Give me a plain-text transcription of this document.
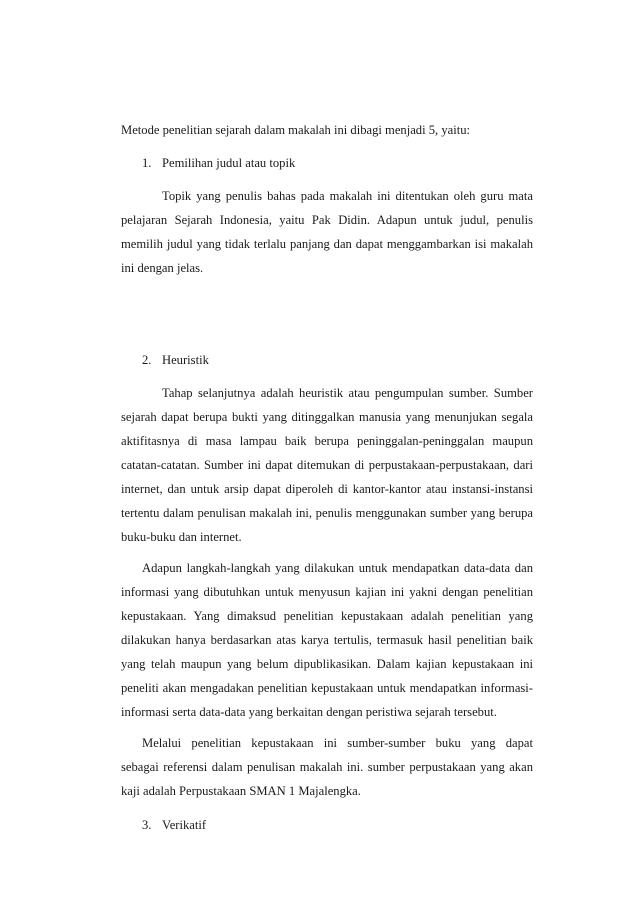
Metode penelitian sejarah dalam makalah ini dibagi menjadi 5, yaitu:

1. Pemilihan judul atau topik

Topik yang penulis bahas pada makalah ini ditentukan oleh guru mata

pelajaran Sejarah Indonesia, yaitu Pak Didin. Adapun untuk judul, penulis

memilih judul yang tidak terlalu panjang dan dapat menggambarkan isi makalah

ini dengan jelas.

2. Heuristik

Tahap selanjutnya adalah heuristik atau pengumpulan sumber. Sumber

sejarah dapat berupa bukti yang ditinggalkan manusia yang menunjukan segala

aktifitasnya di masa lampau baik berupa peninggalan-peninggalan maupun

catatan-catatan. Sumber ini dapat ditemukan di perpustakaan-perpustakaan, dari

internet, dan untuk arsip dapat diperoleh di kantor-kantor atau instansi-instansi

tertentu dalam penulisan makalah ini, penulis menggunakan sumber yang berupa

buku-buku dan internet.

Adapun langkah-langkah yang dilakukan untuk mendapatkan data-data dan

informasi yang dibutuhkan untuk menyusun kajian ini yakni dengan penelitian

kepustakaan. Yang dimaksud penelitian kepustakaan adalah penelitian yang

dilakukan hanya berdasarkan atas karya tertulis, termasuk hasil penelitian baik

yang telah maupun yang belum dipublikasikan. Dalam kajian kepustakaan ini

peneliti akan mengadakan penelitian kepustakaan untuk mendapatkan informasi-

informasi serta data-data yang berkaitan dengan peristiwa sejarah tersebut.

Melalui penelitian kepustakaan ini sumber-sumber buku yang dapat

sebagai referensi dalam penulisan makalah ini. sumber perpustakaan yang akan

kaji adalah Perpustakaan SMAN 1 Majalengka.

3. Verikatif
